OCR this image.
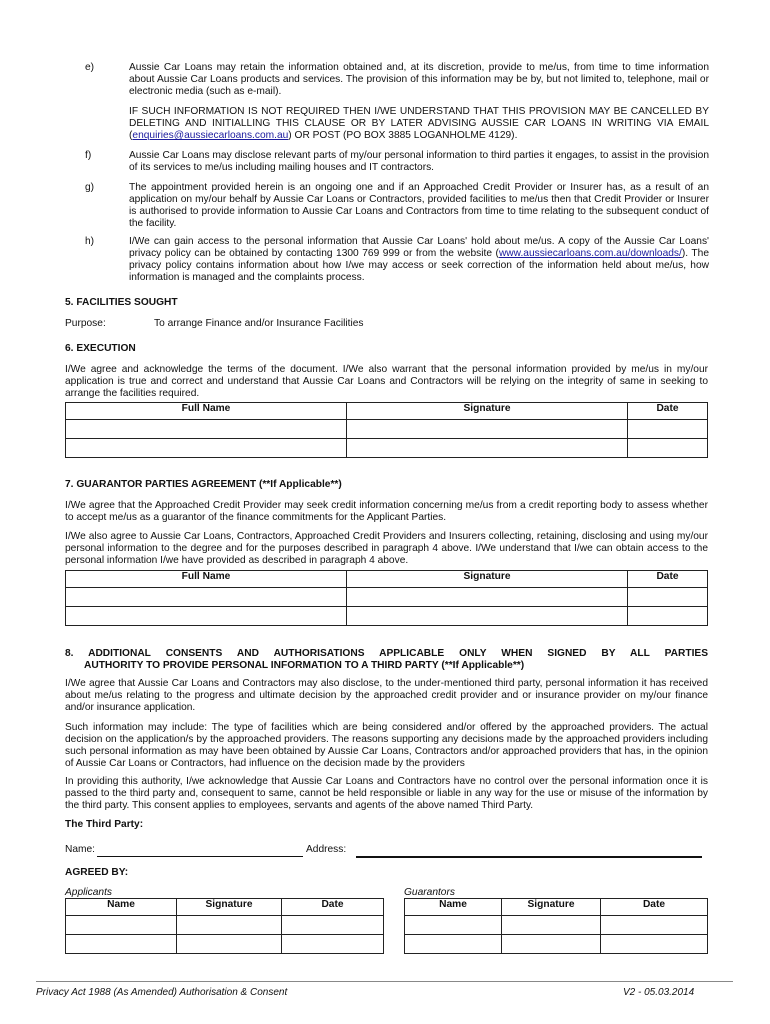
e)	Aussie Car Loans may retain the information obtained and, at its discretion, provide to me/us, from time to time information about Aussie Car Loans products and services. The provision of this information may be by, but not limited to, telephone, mail or electronic media (such as e-mail).
IF SUCH INFORMATION IS NOT REQUIRED THEN I/WE UNDERSTAND THAT THIS PROVISION MAY BE CANCELLED BY DELETING AND INITIALLING THIS CLAUSE OR BY LATER ADVISING AUSSIE CAR LOANS IN WRITING VIA EMAIL (enquiries@aussiecarloans.com.au) OR POST (PO BOX 3885 LOGANHOLME 4129).
f)	Aussie Car Loans may disclose relevant parts of my/our personal information to third parties it engages, to assist in the provision of its services to me/us including mailing houses and IT contractors.
g)	The appointment provided herein is an ongoing one and if an Approached Credit Provider or Insurer has, as a result of an application on my/our behalf by Aussie Car Loans or Contractors, provided facilities to me/us then that Credit Provider or Insurer is authorised to provide information to Aussie Car Loans and Contractors from time to time relating to the subsequent conduct of the facility.
h)	I/We can gain access to the personal information that Aussie Car Loans' hold about me/us. A copy of the Aussie Car Loans' privacy policy can be obtained by contacting 1300 769 999 or from the website (www.aussiecarloans.com.au/downloads/). The privacy policy contains information about how I/we may access or seek correction of the information held about me/us, how information is managed and the complaints process.
5. FACILITIES SOUGHT
Purpose:	To arrange Finance and/or Insurance Facilities
6. EXECUTION
I/We agree and acknowledge the terms of the document. I/We also warrant that the personal information provided by me/us in my/our application is true and correct and understand that Aussie Car Loans and Contractors will be relying on the integrity of same in seeking to arrange the facilities required.
Full Name	Signature	Date

7. GUARANTOR PARTIES AGREEMENT (**If Applicable**)
I/We agree that the Approached Credit Provider may seek credit information concerning me/us from a credit reporting body to assess whether to accept me/us as a guarantor of the finance commitments for the Applicant Parties.
I/We also agree to Aussie Car Loans, Contractors, Approached Credit Providers and Insurers collecting, retaining, disclosing and using my/our personal information to the degree and for the purposes described in paragraph 4 above. I/We understand that I/we can obtain access to the personal information I/we have provided as described in paragraph 4 above.
Full Name	Signature	Date

8. ADDITIONAL CONSENTS AND AUTHORISATIONS APPLICABLE ONLY WHEN SIGNED BY ALL PARTIES
AUTHORITY TO PROVIDE PERSONAL INFORMATION TO A THIRD PARTY (**If Applicable**)
I/We agree that Aussie Car Loans and Contractors may also disclose, to the under-mentioned third party, personal information it has received about me/us relating to the progress and ultimate decision by the approached credit provider and or insurance provider on my/our finance and/or insurance application.
Such information may include: The type of facilities which are being considered and/or offered by the approached providers. The actual decision on the application/s by the approached providers. The reasons supporting any decisions made by the approached providers including such personal information as may have been obtained by Aussie Car Loans, Contractors and/or approached providers that has, in the opinion of Aussie Car Loans or Contractors, had influence on the decision made by the providers
In providing this authority, I/we acknowledge that Aussie Car Loans and Contractors have no control over the personal information once it is passed to the third party and, consequent to same, cannot be held responsible or liable in any way for the use or misuse of the information by the third party. This consent applies to employees, servants and agents of the above named Third Party.
The Third Party:
Name:	Address:
AGREED BY:
Applicants	Guarantors
Name	Signature	Date

			Name	Signature	Date

Privacy Act 1988 (As Amended) Authorisation & Consent	V2 - 05.03.2014
